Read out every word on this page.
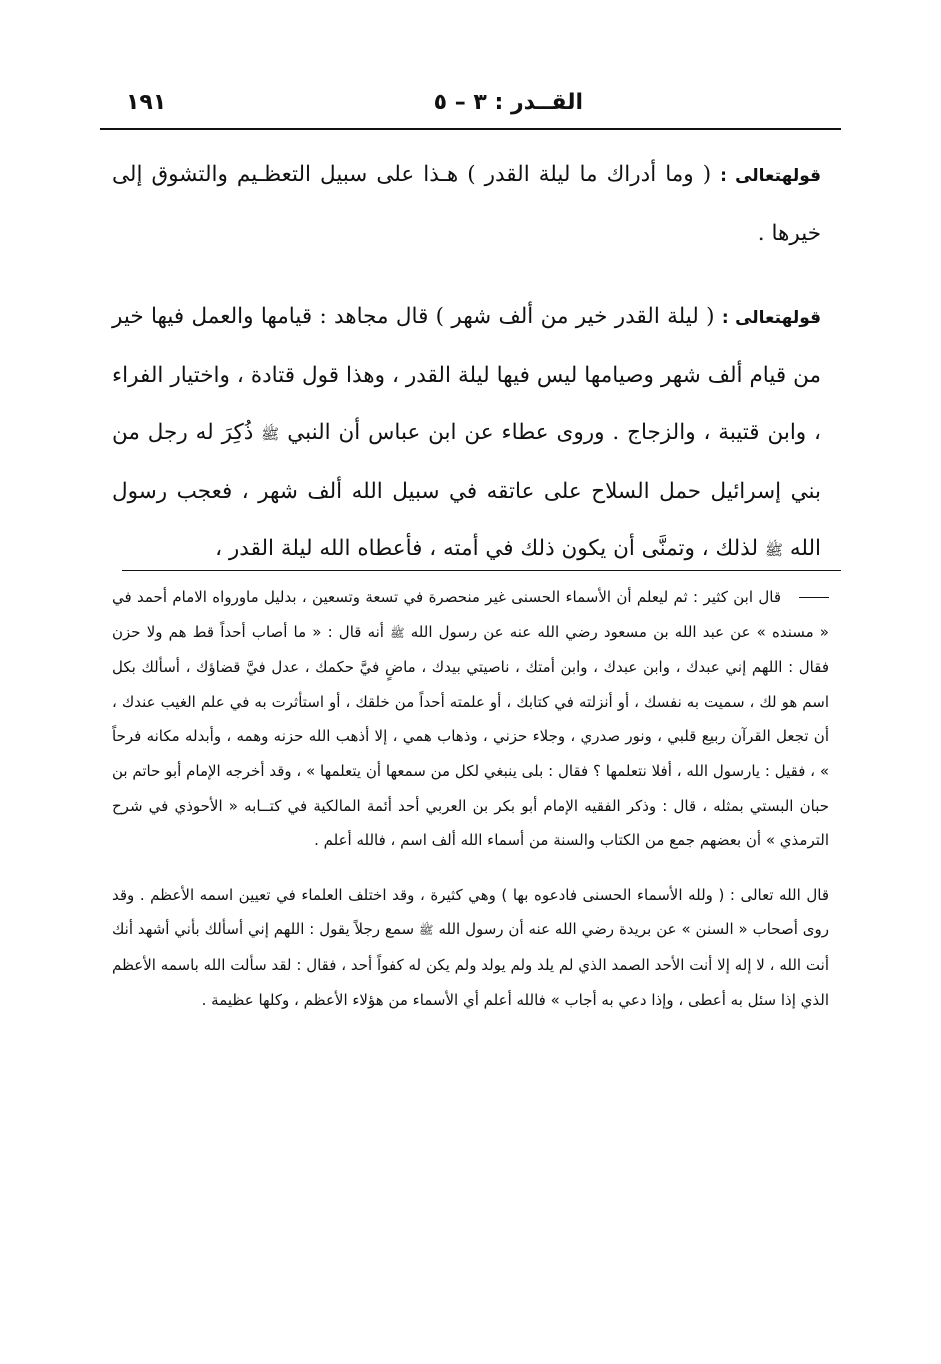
القــدر : ٣ – ٥
١٩١

قولهتعالى : ( وما أدراك ما ليلة القدر ) هـذا على سبيل التعظـيم والتشوق إلى خيرها .

قولهتعالى : ( ليلة القدر خير من ألف شهر ) قال مجاهد : قيامها والعمل فيها خير من قيام ألف شهر وصيامها ليس فيها ليلة القدر ، وهذا قول قتادة ، واختيار الفراء ، وابن قتيبة ، والزجاج . وروى عطاء عن ابن عباس أن النبي ﷺ ذُكِرَ له رجل من بني إسرائيل حمل السلاح على عاتقه في سبيل الله ألف شهر ، فعجب رسول الله ﷺ لذلك ، وتمنَّى أن يكون ذلك في أمته ، فأعطاه الله ليلة القدر ،

قال ابن كثير : ثم ليعلم أن الأسماء الحسنى غير منحصرة في تسعة وتسعين ، بدليل ماورواه الامام أحمد في « مسنده » عن عبد الله بن مسعود رضي الله عنه عن رسول الله ﷺ أنه قال : « ما أصاب أحداً قط هم ولا حزن فقال : اللهم إني عبدك ، وابن عبدك ، وابن أمتك ، ناصيتي بيدك ، ماضٍ فيَّ حكمك ، عدل فيَّ قضاؤك ، أسألك بكل اسم هو لك ، سميت به نفسك ، أو أنزلته في كتابك ، أو علمته أحداً من خلقك ، أو استأثرت به في علم الغيب عندك ، أن تجعل القرآن ربيع قلبي ، ونور صدري ، وجلاء حزني ، وذهاب همي ، إلا أذهب الله حزنه وهمه ، وأبدله مكانه فرحاً » ، فقيل : يارسول الله ، أفلا نتعلمها ؟ فقال : بلى ينبغي لكل من سمعها أن يتعلمها » ، وقد أخرجه الإمام أبو حاتم بن حبان البستي بمثله ، قال : وذكر الفقيه الإمام أبو بكر بن العربي أحد أئمة المالكية في كتــابه « الأحوذي في شرح الترمذي » أن بعضهم جمع من الكتاب والسنة من أسماء الله ألف اسم ، فالله أعلم .

قال الله تعالى : ( ولله الأسماء الحسنى فادعوه بها ) وهي كثيرة ، وقد اختلف العلماء في تعيين اسمه الأعظم . وقد روى أصحاب « السنن » عن بريدة رضي الله عنه أن رسول الله ﷺ سمع رجلاً يقول : اللهم إني أسألك بأني أشهد أنك أنت الله ، لا إله إلا أنت الأحد الصمد الذي لم يلد ولم يولد ولم يكن له كفواً أحد ، فقال : لقد سألت الله باسمه الأعظم الذي إذا سئل به أعطى ، وإذا دعي به أجاب » فالله أعلم أي الأسماء من هؤلاء الأعظم ، وكلها عظيمة .
